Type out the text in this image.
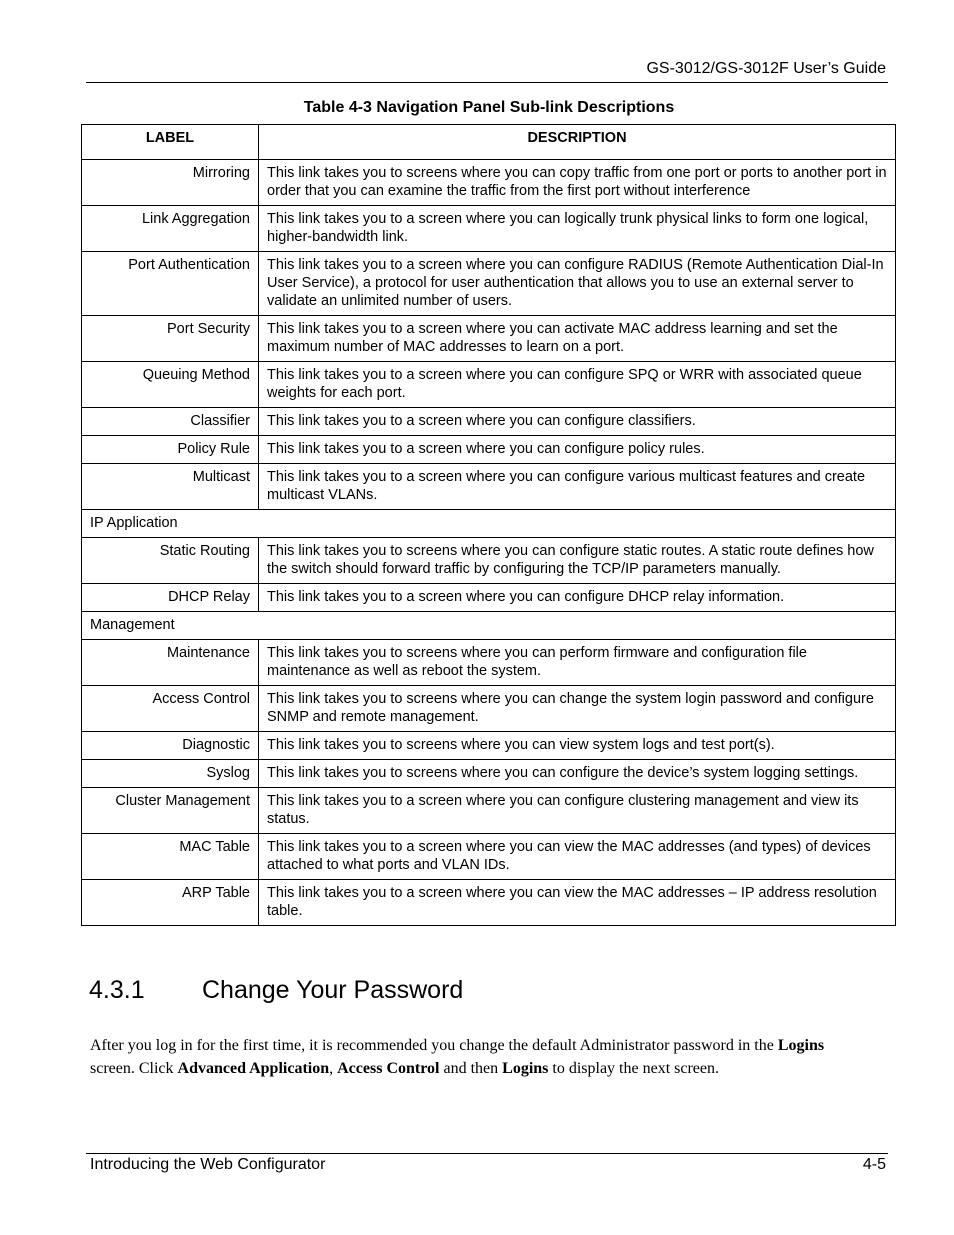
GS-3012/GS-3012F User’s Guide
Table 4-3 Navigation Panel Sub-link Descriptions
LABEL	DESCRIPTION
Mirroring	This link takes you to screens where you can copy traffic from one port or ports to another port in order that you can examine the traffic from the first port without interference
Link Aggregation	This link takes you to a screen where you can logically trunk physical links to form one logical, higher-bandwidth link.
Port Authentication	This link takes you to a screen where you can configure RADIUS (Remote Authentication Dial-In User Service), a protocol for user authentication that allows you to use an external server to validate an unlimited number of users.
Port Security	This link takes you to a screen where you can activate MAC address learning and set the maximum number of MAC addresses to learn on a port.
Queuing Method	This link takes you to a screen where you can configure SPQ or WRR with associated queue weights for each port.
Classifier	This link takes you to a screen where you can configure classifiers.
Policy Rule	This link takes you to a screen where you can configure policy rules.
Multicast	This link takes you to a screen where you can configure various multicast features and create multicast VLANs.
IP Application	
Static Routing	This link takes you to screens where you can configure static routes. A static route defines how the switch should forward traffic by configuring the TCP/IP parameters manually.
DHCP Relay	This link takes you to a screen where you can configure DHCP relay information.
Management	
Maintenance	This link takes you to screens where you can perform firmware and configuration file maintenance as well as reboot the system.
Access Control	This link takes you to screens where you can change the system login password and configure SNMP and remote management.
Diagnostic	This link takes you to screens where you can view system logs and test port(s).
Syslog	This link takes you to screens where you can configure the device’s system logging settings.
Cluster Management	This link takes you to a screen where you can configure clustering management and view its status.
MAC Table	This link takes you to a screen where you can view the MAC addresses (and types) of devices attached to what ports and VLAN IDs.
ARP Table	This link takes you to a screen where you can view the MAC addresses – IP address resolution table.
4.3.1 Change Your Password
After you log in for the first time, it is recommended you change the default Administrator password in the Logins screen. Click Advanced Application, Access Control and then Logins to display the next screen.
Introducing the Web Configurator	4-5
